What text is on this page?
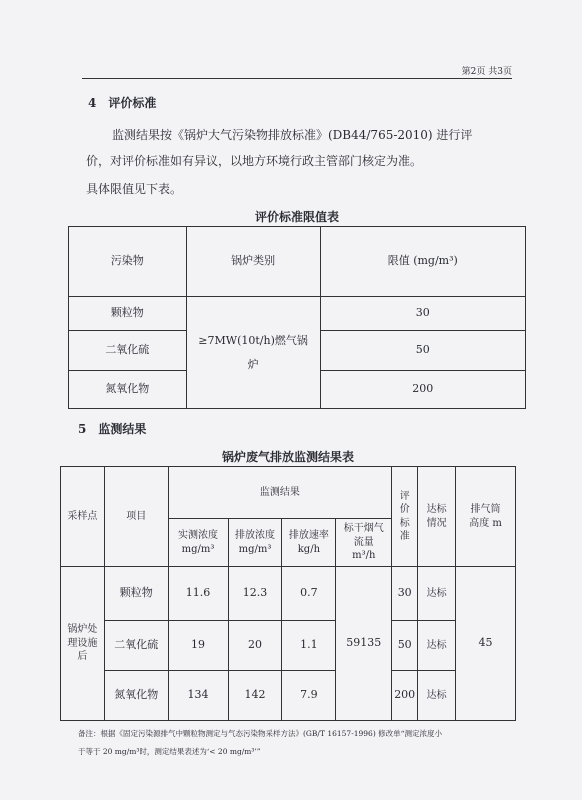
第2页 共3页
4　评价标准
监测结果按《锅炉大气污染物排放标准》(DB44/765-2010) 进行评
价，对评价标准如有异议，以地方环境行政主管部门核定为准。
具体限值见下表。
评价标准限值表
污染物	锅炉类别	限值 (mg/m³)
颗粒物	≥7MW(10t/h)燃气锅炉	30
二氧化硫		50
氮氧化物		200
5　监测结果
锅炉废气排放监测结果表
采样点	项目	监测结果				评价标准	达标情况	排气筒高度 m
		实测浓度 mg/m³	排放浓度 mg/m³	排放速率 kg/h	标干烟气流量 m³/h			
锅炉处理设施后	颗粒物	11.6	12.3	0.7	59135	30	达标	45
	二氧化硫	19	20	1.1		50	达标	
	氮氧化物	134	142	7.9		200	达标	
备注：根据《固定污染源排气中颗粒物测定与气态污染物采样方法》(GB/T 16157-1996) 修改单“测定浓度小
于等于 20 mg/m³时，测定结果表述为‘< 20 mg/m³’”
